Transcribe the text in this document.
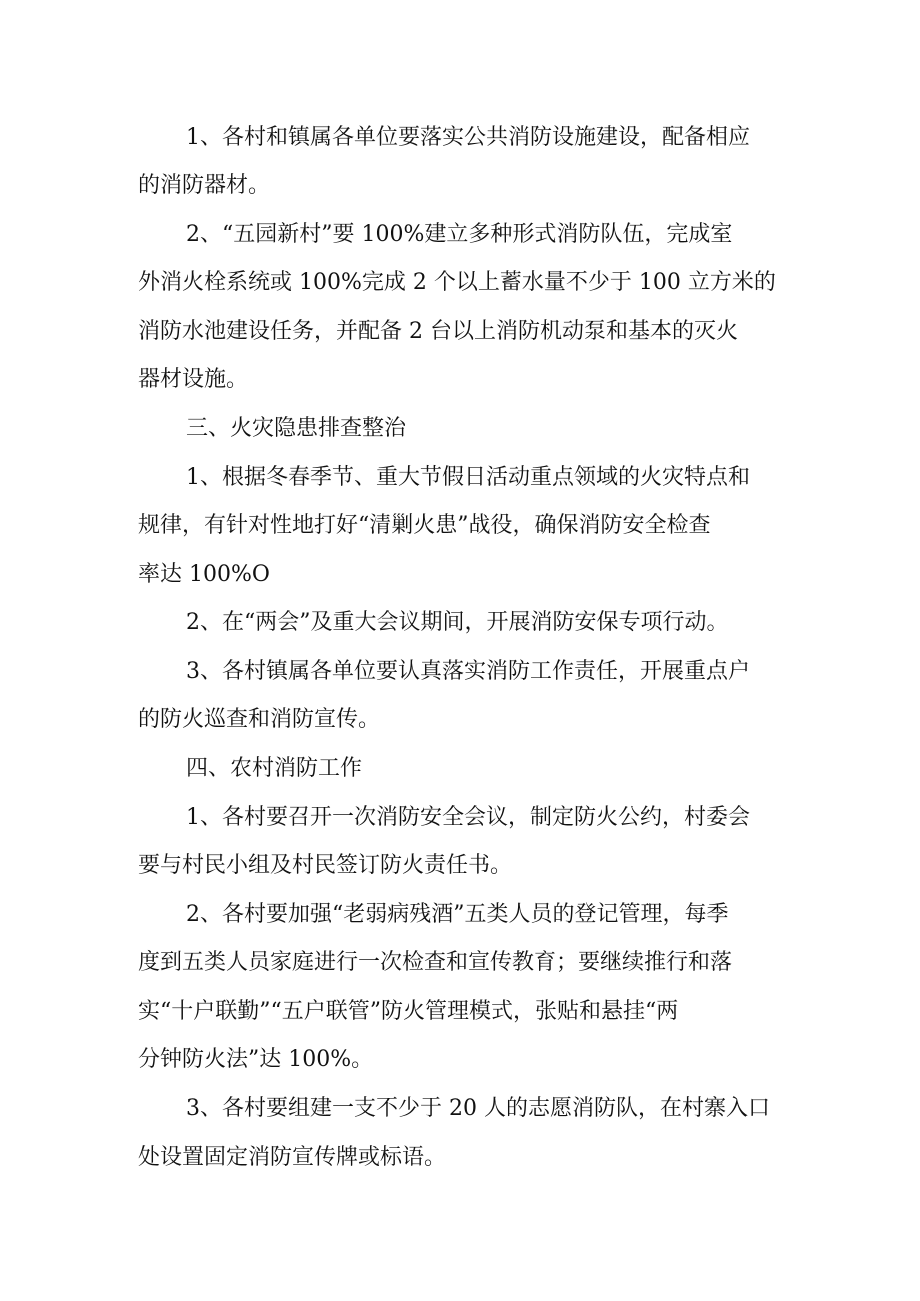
1、各村和镇属各单位要落实公共消防设施建设，配备相应
的消防器材。
2、“五园新村”要 100%建立多种形式消防队伍，完成室
外消火栓系统或 100%完成 2 个以上蓄水量不少于 100 立方米的
消防水池建设任务，并配备 2 台以上消防机动泵和基本的灭火
器材设施。
三、火灾隐患排查整治
1、根据冬春季节、重大节假日活动重点领域的火灾特点和
规律，有针对性地打好“清剿火患”战役，确保消防安全检查
率达 100%O
2、在“两会”及重大会议期间，开展消防安保专项行动。
3、各村镇属各单位要认真落实消防工作责任，开展重点户
的防火巡查和消防宣传。
四、农村消防工作
1、各村要召开一次消防安全会议，制定防火公约，村委会
要与村民小组及村民签订防火责任书。
2、各村要加强“老弱病残酒”五类人员的登记管理，每季
度到五类人员家庭进行一次检查和宣传教育；要继续推行和落
实“十户联勤”“五户联管”防火管理模式，张贴和悬挂“两
分钟防火法”达 100%。
3、各村要组建一支不少于 20 人的志愿消防队，在村寨入口
处设置固定消防宣传牌或标语。
